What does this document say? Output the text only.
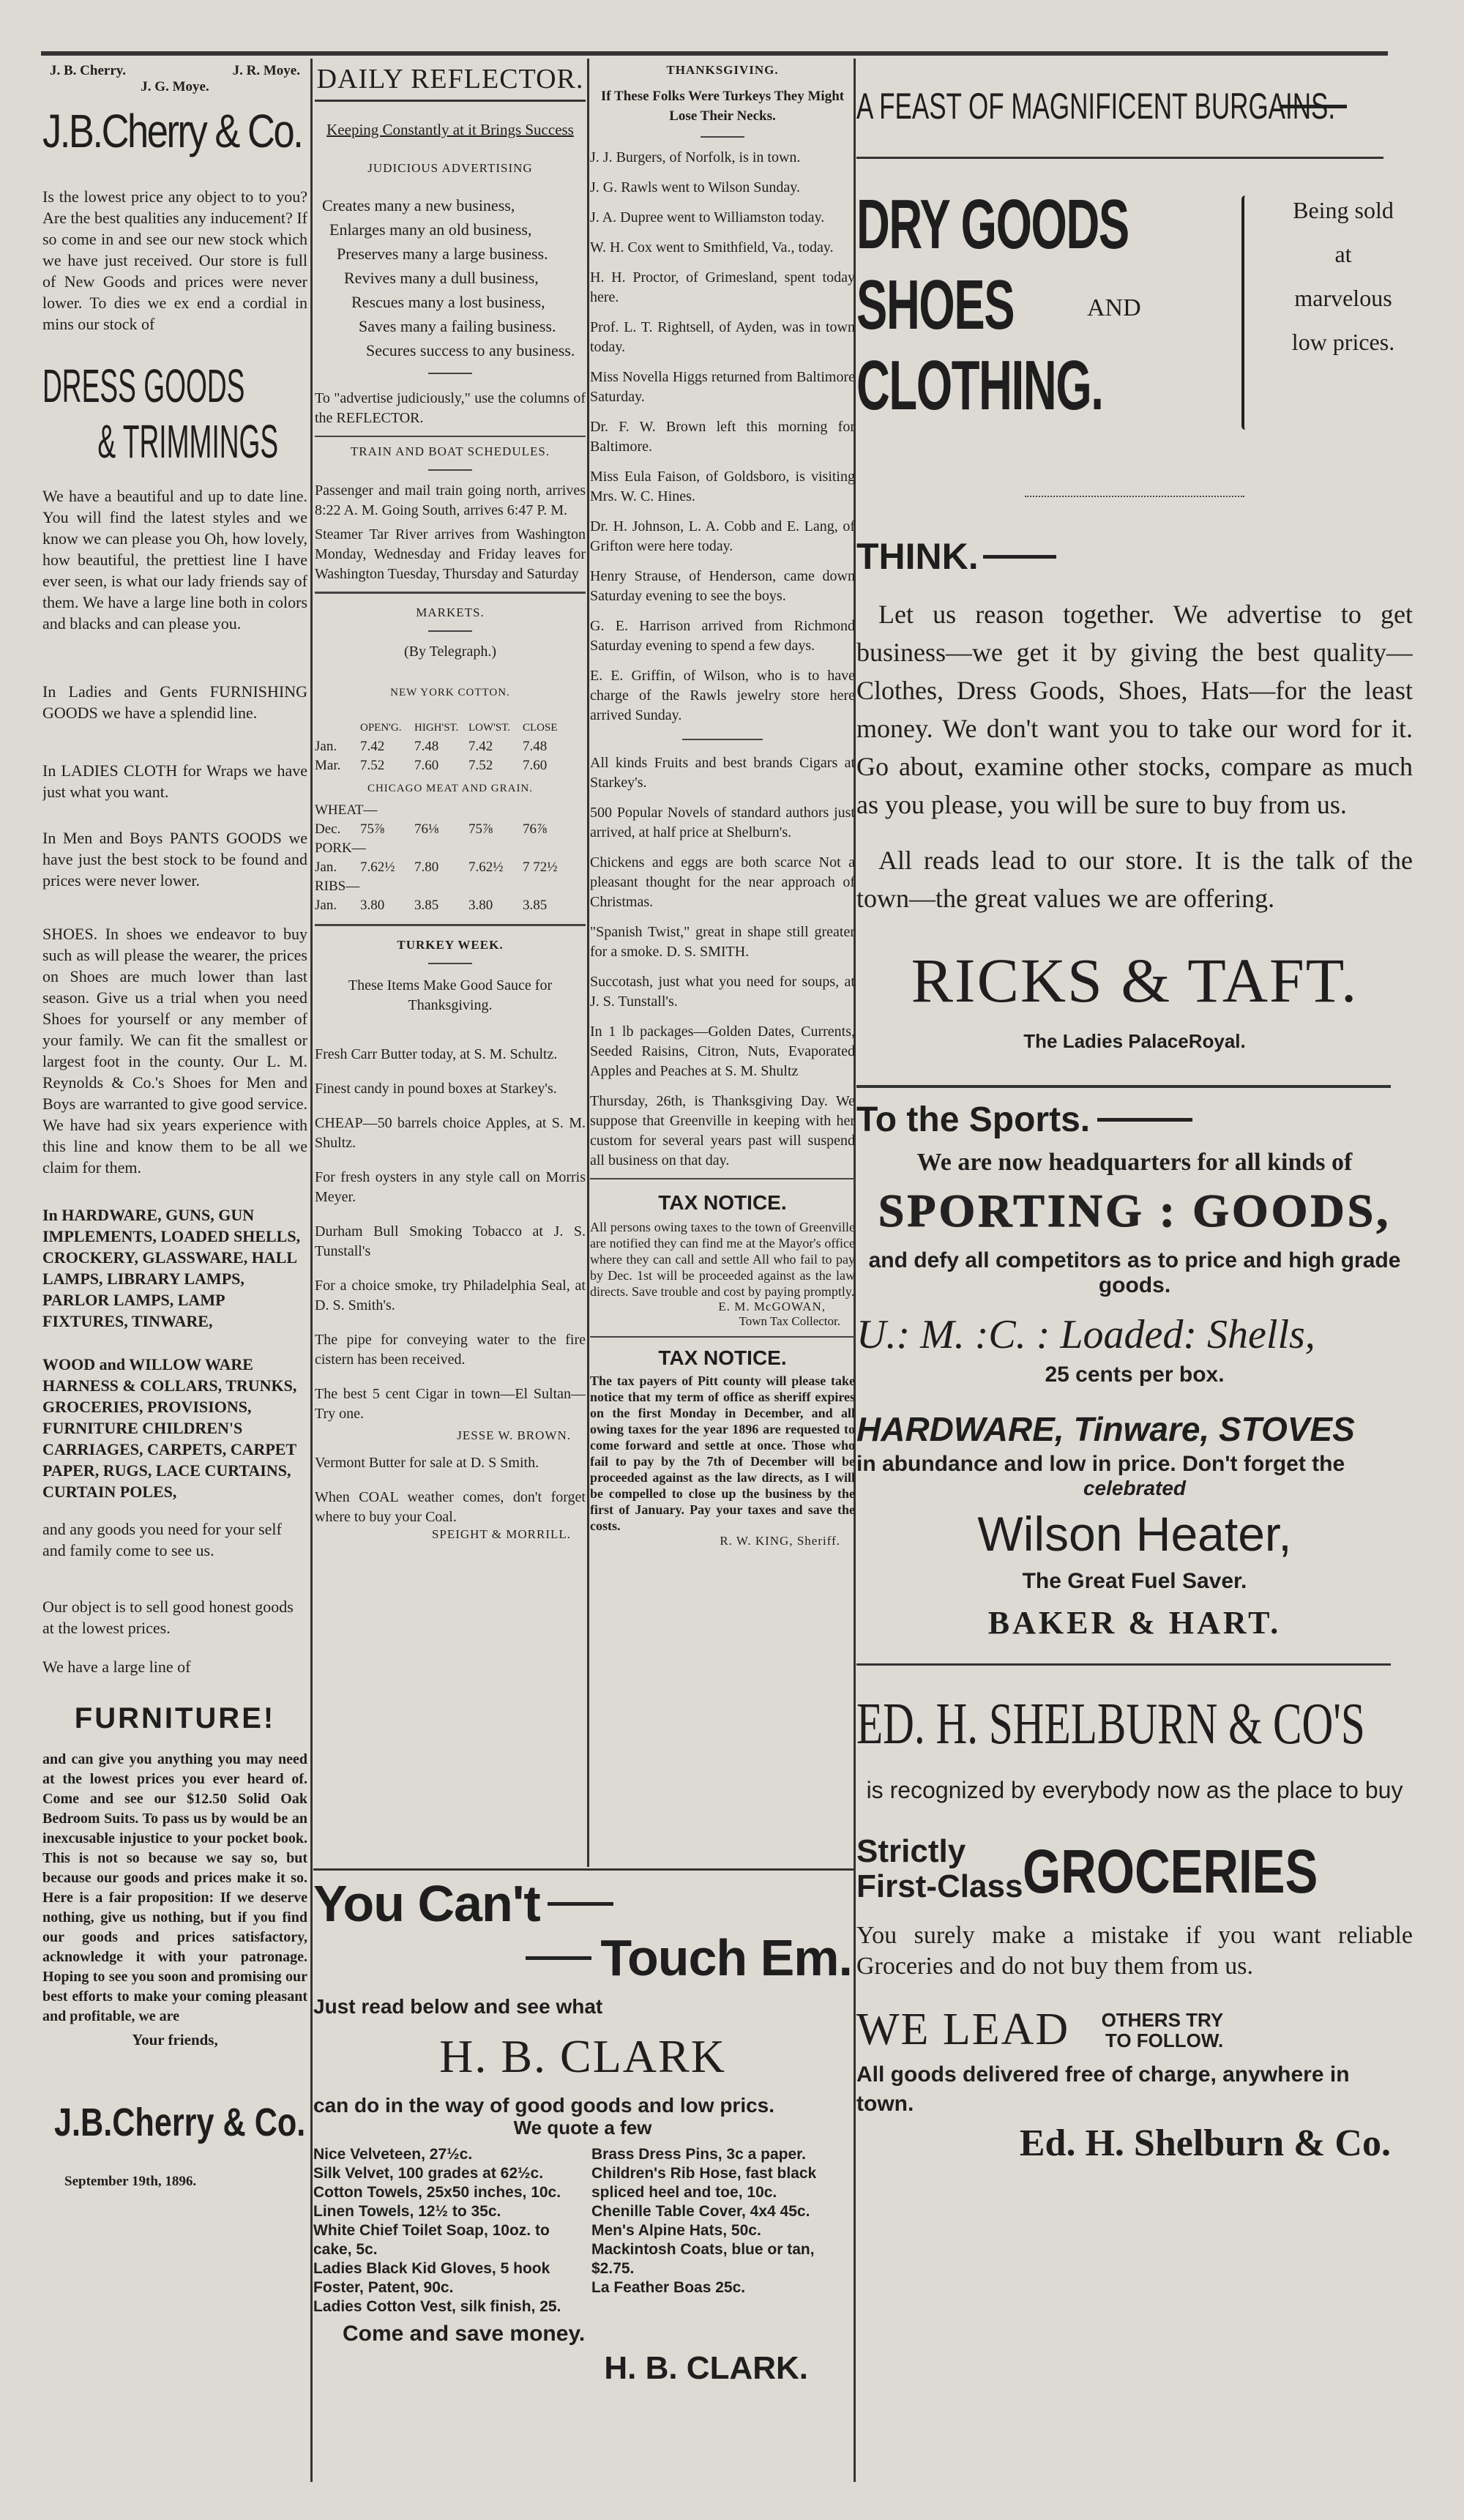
J. B. Cherry.	J. R. Moye.
J. G. Moye.
J.B.Cherry & Co.

Is the lowest price any object to to you? Are the best qualities any inducement? If so come in and see our new stock which we have just received. Our store is full of New Goods and prices were never lower. To dies we ex end a cordial in mins our stock of

DRESS GOODS
& TRIMMINGS

We have a beautiful and up to date line. You will find the latest styles and we know we can please you Oh, how lovely, how beautiful, the prettiest line I have ever seen, is what our lady friends say of them. We have a large line both in colors and blacks and can please you.

In Ladies and Gents FURNISHING GOODS we have a splendid line.

In LADIES CLOTH for Wraps we have just what you want.

In Men and Boys PANTS GOODS we have just the best stock to be found and prices were never lower.

SHOES. In shoes we endeavor to buy such as will please the wearer, the prices on Shoes are much lower than last season. Give us a trial when you need Shoes for yourself or any member of your family. We can fit the smallest or largest foot in the county. Our L. M. Reynolds & Co.'s Shoes for Men and Boys are warranted to give good service. We have had six years experience with this line and know them to be all we claim for them.

In HARDWARE, GUNS, GUN IMPLEMENTS, LOADED SHELLS, CROCKERY, GLASSWARE, HALL LAMPS, LIBRARY LAMPS, PARLOR LAMPS, LAMP FIXTURES, TINWARE,

WOOD and WILLOW WARE HARNESS & COLLARS, TRUNKS, GROCERIES, PROVISIONS, FURNITURE CHILDREN'S CARRIAGES, CARPETS, CARPET PAPER, RUGS, LACE CURTAINS, CURTAIN POLES,

and any goods you need for your self and family come to see us.

Our object is to sell good honest goods at the lowest prices.

We have a large line of

FURNITURE!

and can give you anything you may need at the lowest prices you ever heard of. Come and see our $12.50 Solid Oak Bedroom Suits. To pass us by would be an inexcusable injustice to your pocket book. This is not so because we say so, but because our goods and prices make it so. Here is a fair proposition: If we deserve nothing, give us nothing, but if you find our goods and prices satisfactory, acknowledge it with your patronage. Hoping to see you soon and promising our best efforts to make your coming pleasant and profitable, we are

Your friends,

J.B.Cherry & Co.

September 19th, 1896.

DAILY REFLECTOR.
Keeping Constantly at it Brings Success
JUDICIOUS ADVERTISING

Creates many a new business,

Enlarges many an old business,

Preserves many a large business.

Revives many a dull business,

Rescues many a lost business,

Saves many a failing business.

Secures success to any business.

To "advertise judiciously," use the columns of the REFLECTOR.

TRAIN AND BOAT SCHEDULES.

Passenger and mail train going north, arrives 8:22 A. M. Going South, arrives 6:47 P. M.

Steamer Tar River arrives from Washington Monday, Wednesday and Friday leaves for Washington Tuesday, Thursday and Saturday

MARKETS.

(By Telegraph.)

NEW YORK COTTON.
OPEN'G.	HIGH'ST. LOW'ST.	CLOSE
Jan.	7.42	7.48	7.42	7.48
Mar.	7.52	7.60	7.52	7.60
CHICAGO MEAT AND GRAIN.
WHEAT—
Dec.	75⅞	76⅛	75⅞	76⅞
PORK—
Jan.	7.62½	7.80	7.62½	7 72½
RIBS—
Jan.	3.80	3.85	3.80	3.85
TURKEY WEEK.

These Items Make Good Sauce for Thanksgiving.

Fresh Carr Butter today, at S. M. Schultz.

Finest candy in pound boxes at Starkey's.

CHEAP—50 barrels choice Apples, at S. M. Shultz.

For fresh oysters in any style call on Morris Meyer.

Durham Bull Smoking Tobacco at J. S. Tunstall's

For a choice smoke, try Philadelphia Seal, at D. S. Smith's.

The pipe for conveying water to the fire cistern has been received.

The best 5 cent Cigar in town—El Sultan—Try one.

JESSE W. BROWN.

Vermont Butter for sale at D. S Smith.

When COAL weather comes, don't forget where to buy your Coal.

SPEIGHT & MORRILL.

THANKSGIVING.

If These Folks Were Turkeys They Might Lose Their Necks.

J. J. Burgers, of Norfolk, is in town.

J. G. Rawls went to Wilson Sunday.

J. A. Dupree went to Williamston today.

W. H. Cox went to Smithfield, Va., today.

H. H. Proctor, of Grimesland, spent today here.

Prof. L. T. Rightsell, of Ayden, was in town today.

Miss Novella Higgs returned from Baltimore Saturday.

Dr. F. W. Brown left this morning for Baltimore.

Miss Eula Faison, of Goldsboro, is visiting Mrs. W. C. Hines.

Dr. H. Johnson, L. A. Cobb and E. Lang, of Grifton were here today.

Henry Strause, of Henderson, came down Saturday evening to see the boys.

G. E. Harrison arrived from Richmond Saturday evening to spend a few days.

E. E. Griffin, of Wilson, who is to have charge of the Rawls jewelry store here arrived Sunday.

All kinds Fruits and best brands Cigars at Starkey's.

500 Popular Novels of standard authors just arrived, at half price at Shelburn's.

Chickens and eggs are both scarce Not a pleasant thought for the near approach of Christmas.

"Spanish Twist," great in shape still greater for a smoke. D. S. SMITH.

Succotash, just what you need for soups, at J. S. Tunstall's.

In 1 lb packages—Golden Dates, Currents, Seeded Raisins, Citron, Nuts, Evaporated Apples and Peaches at S. M. Shultz

Thursday, 26th, is Thanksgiving Day. We suppose that Greenville in keeping with her custom for several years past will suspend all business on that day.

TAX NOTICE.

All persons owing taxes to the town of Greenville are notified they can find me at the Mayor's office where they can call and settle All who fail to pay by Dec. 1st will be proceeded against as the law directs. Save trouble and cost by paying promptly.

E. M. McGOWAN,

Town Tax Collector.

TAX NOTICE.

The tax payers of Pitt county will please take notice that my term of office as sheriff expires on the first Monday in December, and all owing taxes for the year 1896 are requested to come forward and settle at once. Those who fail to pay by the 7th of December will be proceeded against as the law directs, as I will be compelled to close up the business by the first of January. Pay your taxes and save the costs.

R. W. KING, Sheriff.

You Can't
Touch Em.

Just read below and see what

H. B. CLARK

can do in the way of good goods and low prics.

We quote a few

Nice Velveteen, 27½c.

Silk Velvet, 100 grades at 62½c.

Cotton Towels, 25x50 inches, 10c.

Linen Towels, 12½ to 35c.

White Chief Toilet Soap, 10oz. to cake, 5c.

Ladies Black Kid Gloves, 5 hook Foster, Patent, 90c.

Ladies Cotton Vest, silk finish, 25.

Brass Dress Pins, 3c a paper.

Children's Rib Hose, fast black spliced heel and toe, 10c.

Chenille Table Cover, 4x4 45c.

Men's Alpine Hats, 50c.

Mackintosh Coats, blue or tan, $2.75.

La Feather Boas 25c.

Come and save money.

H. B. CLARK.

A FEAST OF MAGNIFICENT BURGAINS.
DRY GOODS
SHOES	AND
CLOTHING.
Being sold
at
marvelous
low prices.
THINK.

Let us reason together. We advertise to get business—we get it by giving the best quality—Clothes, Dress Goods, Shoes, Hats—for the least money. We don't want you to take our word for it. Go about, examine other stocks, compare as much as you please, you will be sure to buy from us.

All reads lead to our store. It is the talk of the town—the great values we are offering.

RICKS & TAFT.
The Ladies PalaceRoyal.
To the Sports.

We are now headquarters for all kinds of

SPORTING : GOODS,

and defy all competitors as to price and high grade goods.

U.: M. :C. : Loaded: Shells,

25 cents per box.

HARDWARE, Tinware, STOVES

in abundance and low in price. Don't forget the

celebrated

Wilson Heater,

The Great Fuel Saver.

BAKER & HART.
ED. H. SHELBURN & CO'S

is recognized by everybody now as the place to buy

Strictly
First-Class GROCERIES

You surely make a mistake if you want reliable Groceries and do not buy them from us.

WE LEAD	OTHERS TRY TO FOLLOW.

All goods delivered free of charge, anywhere in town.

Ed. H. Shelburn & Co.
